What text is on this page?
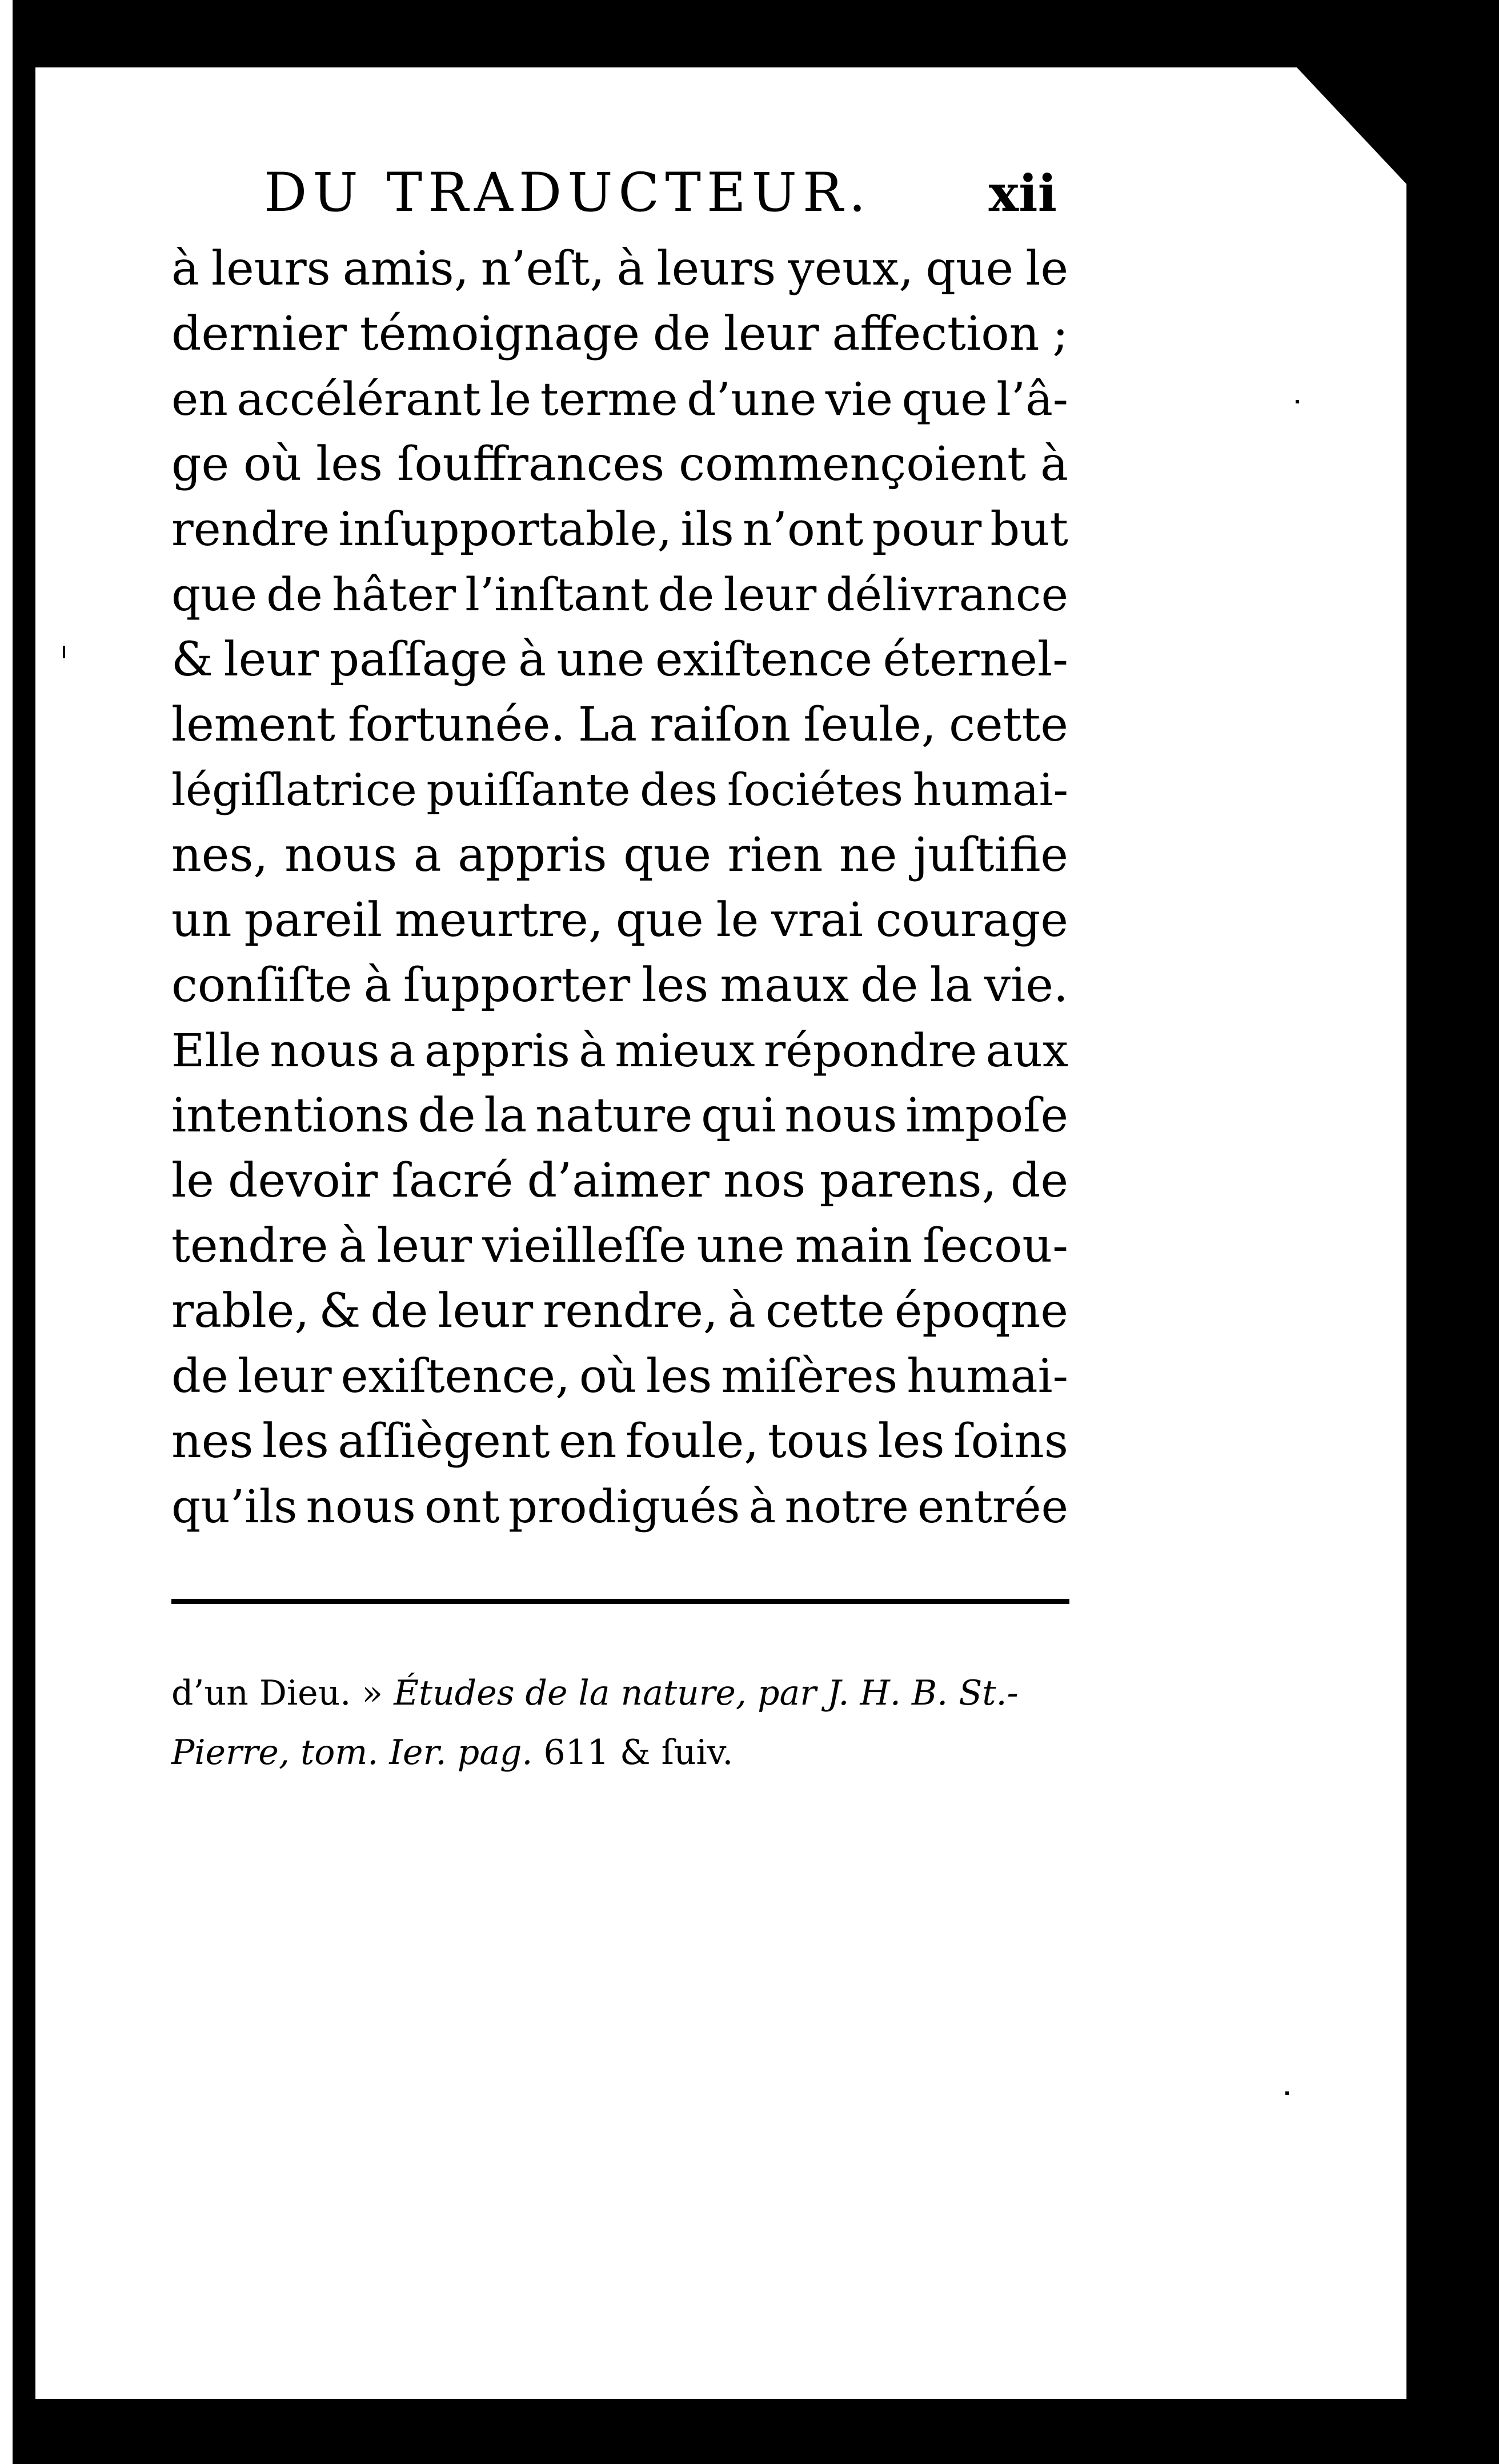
DU TRADUCTEUR. xii
à leurs amis, n’eſt, à leurs yeux, que le
dernier témoignage de leur affection ;
en accélérant le terme d’une vie que l’â-
ge où les ſouffrances commençoient à
rendre inſupportable, ils n’ont pour but
que de hâter l’inſtant de leur délivrance
& leur paſſage à une exiſtence éternel-
lement fortunée. La raiſon ſeule, cette
légiſlatrice puiſſante des ſociétes humai-
nes, nous a appris que rien ne juſtifie
un pareil meurtre, que le vrai courage
conſiſte à ſupporter les maux de la vie.
Elle nous a appris à mieux répondre aux
intentions de la nature qui nous impoſe
le devoir ſacré d’aimer nos parens, de
tendre à leur vieilleſſe une main ſecou-
rable, & de leur rendre, à cette époqne
de leur exiſtence, où les miſères humai-
nes les aſſiègent en foule, tous les ſoins
qu’ils nous ont prodigués à notre entrée
d’un Dieu. » Études de la nature, par J. H. B. St.-
Pierre, tom. Ier. pag. 611 & ſuiv.
